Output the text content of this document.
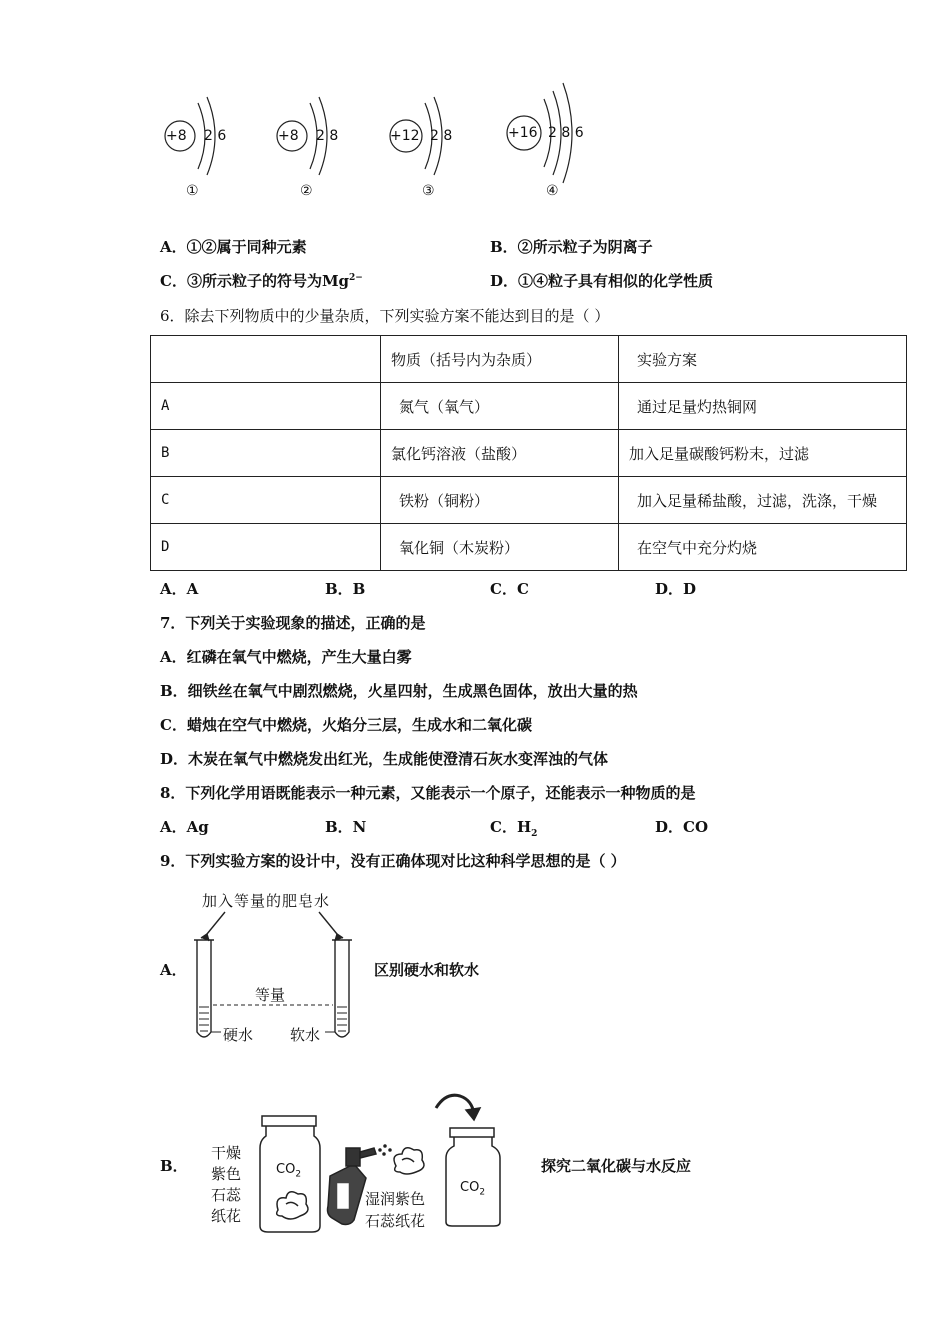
+8 2 6
①
+8 2 8
②
+12 2 8
③
+16 2 8 6
④
A．①②属于同种元素	B．②所示粒子为阴离子
C．③所示粒子的符号为$Mg^{2-}$	D．①④粒子具有相似的化学性质
6．除去下列物质中的少量杂质，下列实验方案不能达到目的是（ ）
	物质（括号内为杂质）	实验方案
A	氮气（氧气）	通过足量灼热铜网
B	氯化钙溶液（盐酸）	加入足量碳酸钙粉末，过滤
C	铁粉（铜粉）	加入足量稀盐酸，过滤，洗涤，干燥
D	氧化铜（木炭粉）	在空气中充分灼烧
A．A	B．B	C．C	D．D
7．下列关于实验现象的描述，正确的是
A．红磷在氧气中燃烧，产生大量白雾
B．细铁丝在氧气中剧烈燃烧，火星四射，生成黑色固体，放出大量的热
C．蜡烛在空气中燃烧，火焰分三层，生成水和二氧化碳
D．木炭在氧气中燃烧发出红光，生成能使澄清石灰水变浑浊的气体
8．下列化学用语既能表示一种元素，又能表示一个原子，还能表示一种物质的是
A．Ag	B．N	C．$H_2$	D．CO
9．下列实验方案的设计中，没有正确体现对比这种科学思想的是（ ）
A．
加入等量的肥皂水
等量
硬水 软水
区别硬水和软水
B．	$CO_2$
$CO_2$
干燥
紫色
石蕊
纸花
湿润紫色
石蕊纸花
探究二氧化碳与水反应
